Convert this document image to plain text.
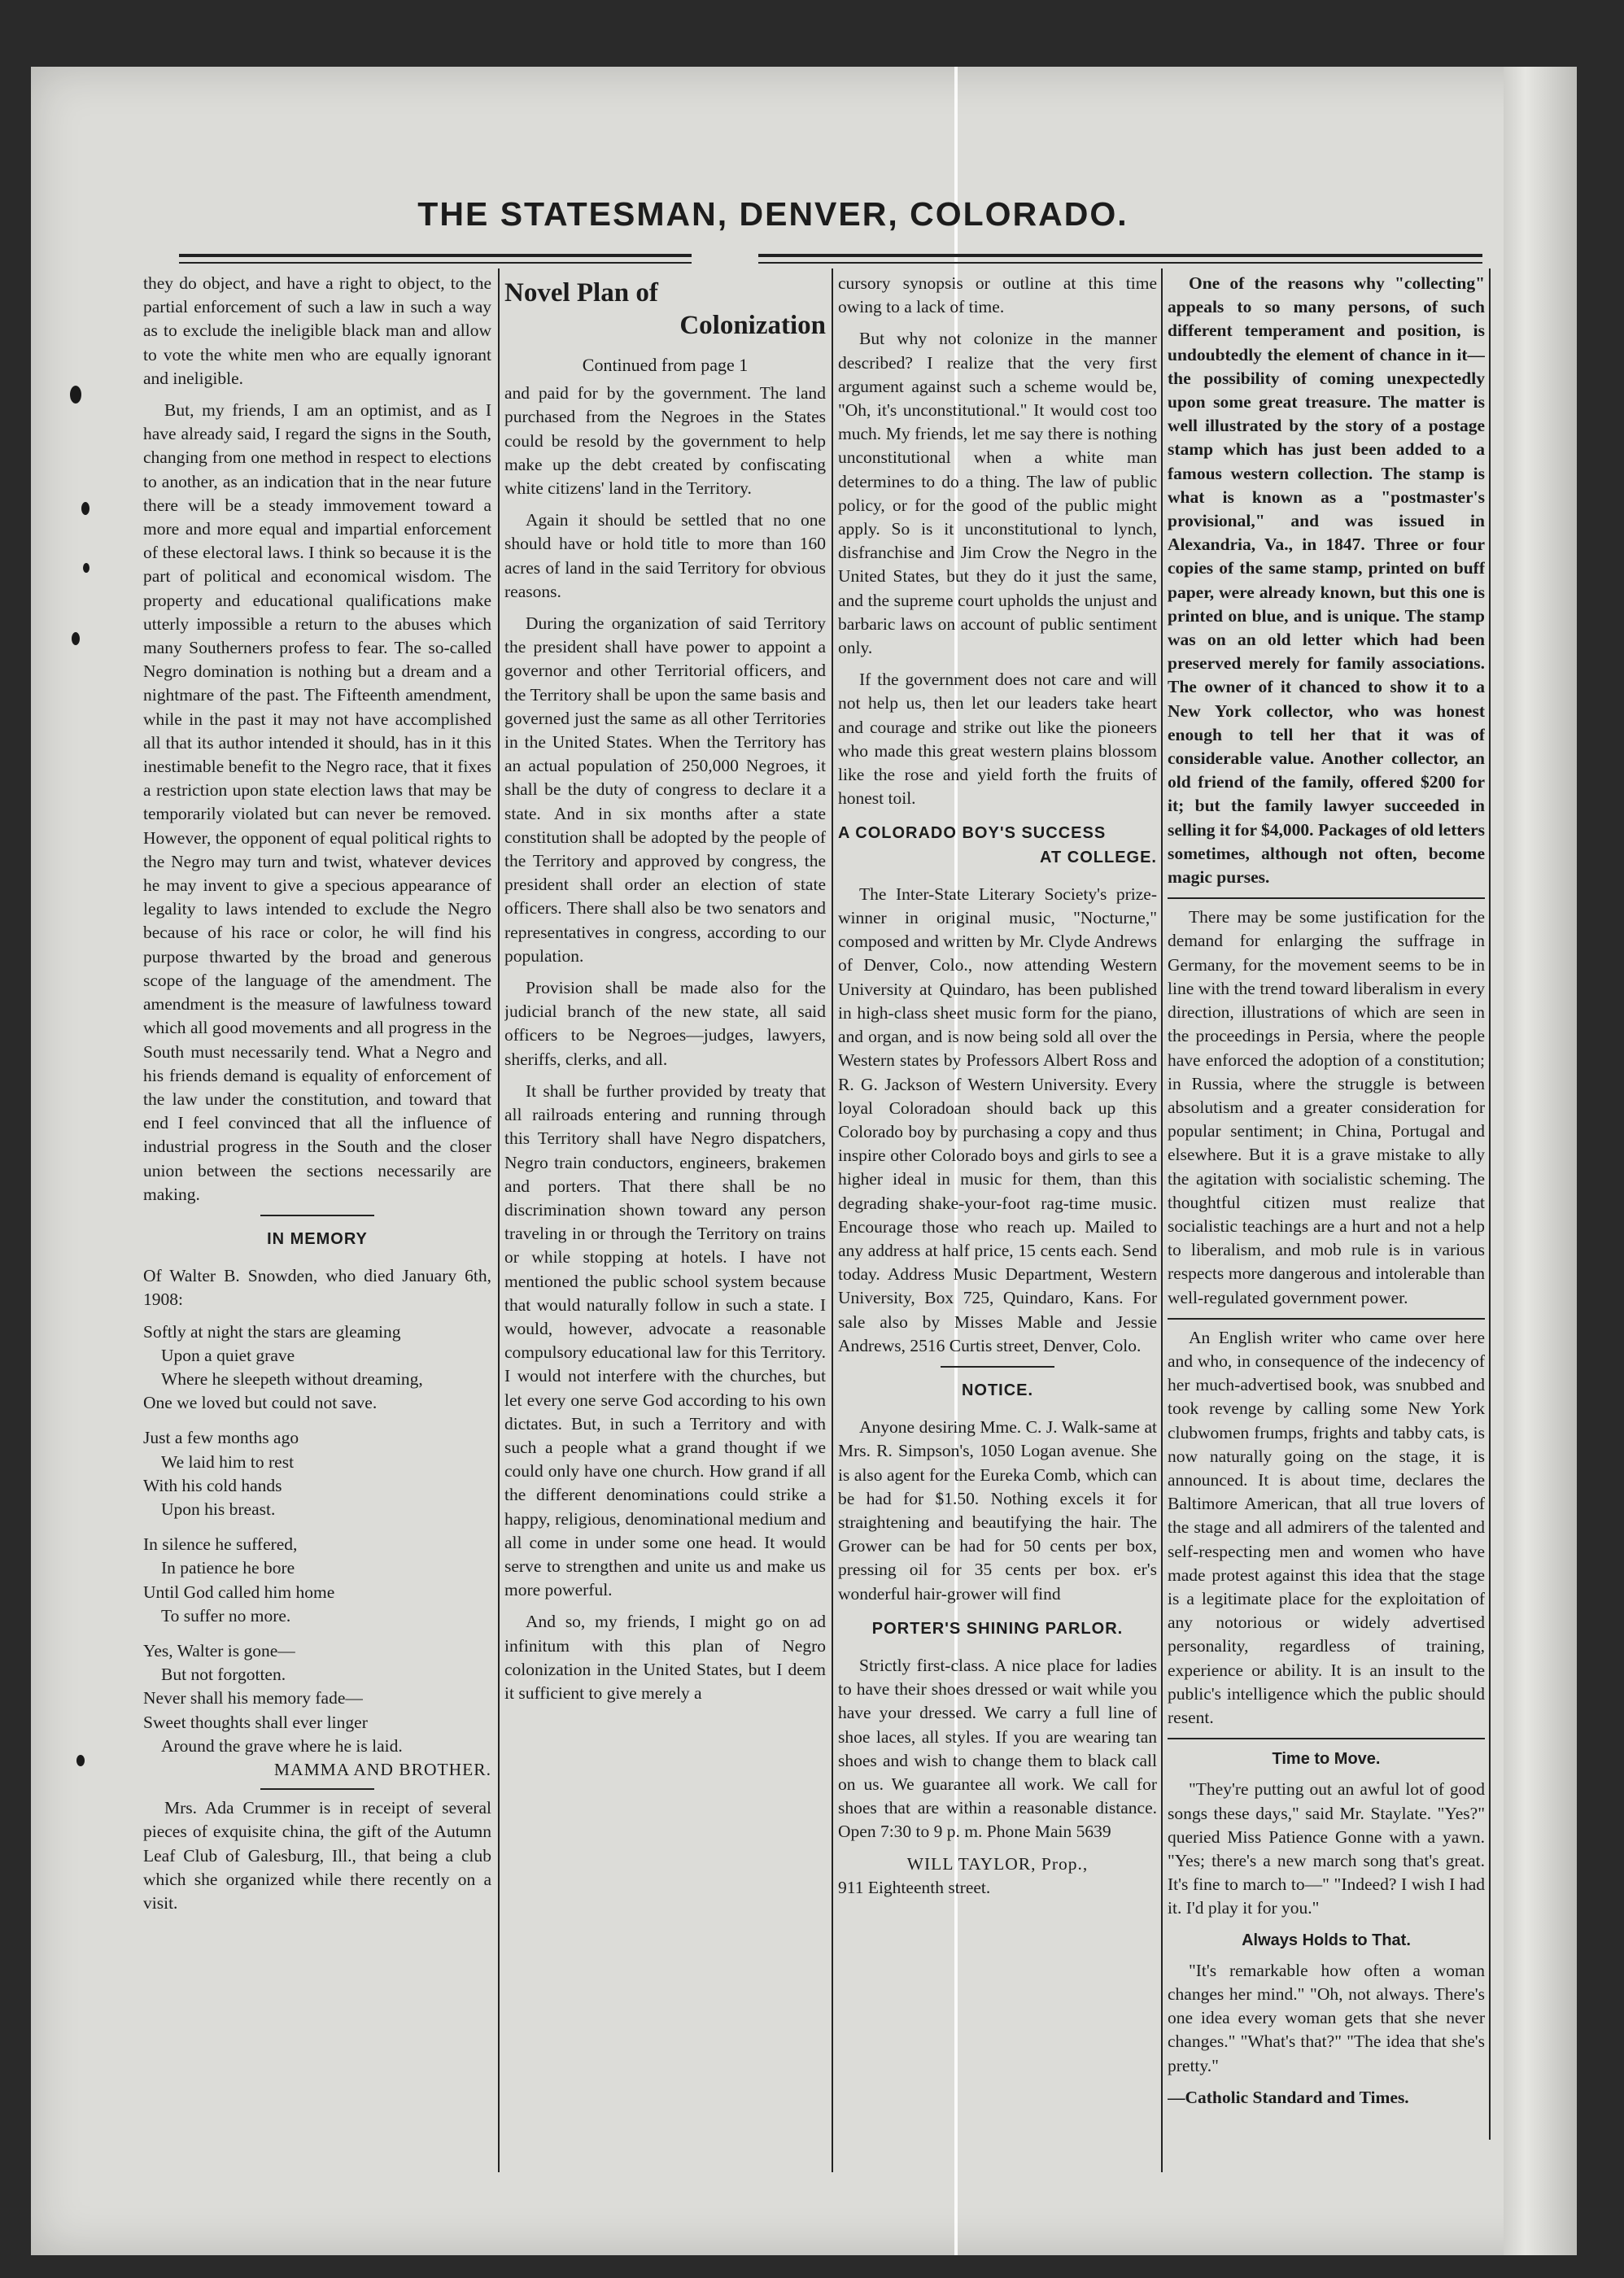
THE STATESMAN, DENVER, COLORADO.

they do object, and have a right to object, to the partial enforcement of such a law in such a way as to exclude the ineligible black man and allow to vote the white men who are equally ignorant and ineligible.

But, my friends, I am an optimist, and as I have already said, I regard the signs in the South, changing from one method in respect to elections to another, as an indication that in the near future there will be a steady immovement toward a more and more equal and impartial enforcement of these electoral laws. I think so because it is the part of political and economical wisdom. The property and educational qualifications make utterly impossible a return to the abuses which many Southerners profess to fear. The so-called Negro domination is nothing but a dream and a nightmare of the past. The Fifteenth amendment, while in the past it may not have accomplished all that its author intended it should, has in it this inestimable benefit to the Negro race, that it fixes a restriction upon state election laws that may be temporarily violated but can never be removed. However, the opponent of equal political rights to the Negro may turn and twist, whatever devices he may invent to give a specious appearance of legality to laws intended to exclude the Negro because of his race or color, he will find his purpose thwarted by the broad and generous scope of the language of the amendment. The amendment is the measure of lawfulness toward which all good movements and all progress in the South must necessarily tend. What a Negro and his friends demand is equality of enforcement of the law under the constitution, and toward that end I feel convinced that all the influence of industrial progress in the South and the closer union between the sections necessarily are making.

IN MEMORY

Of Walter B. Snowden, who died January 6th, 1908:

Softly at night the stars are gleaming
Upon a quiet grave
Where he sleepeth without dreaming,
One we loved but could not save.
Just a few months ago
We laid him to rest
With his cold hands
Upon his breast.
In silence he suffered,
In patience he bore
Until God called him home
To suffer no more.
Yes, Walter is gone—
But not forgotten.
Never shall his memory fade—
Sweet thoughts shall ever linger
Around the grave where he is laid.
MAMMA AND BROTHER.

Mrs. Ada Crummer is in receipt of several pieces of exquisite china, the gift of the Autumn Leaf Club of Galesburg, Ill., that being a club which she organized while there recently on a visit.

Novel Plan of
Colonization
Continued from page 1

and paid for by the government. The land purchased from the Negroes in the States could be resold by the government to help make up the debt created by confiscating white citizens' land in the Territory.

Again it should be settled that no one should have or hold title to more than 160 acres of land in the said Territory for obvious reasons.

During the organization of said Territory the president shall have power to appoint a governor and other Territorial officers, and the Territory shall be upon the same basis and governed just the same as all other Territories in the United States. When the Territory has an actual population of 250,000 Negroes, it shall be the duty of congress to declare it a state. And in six months after a state constitution shall be adopted by the people of the Territory and approved by congress, the president shall order an election of state officers. There shall also be two senators and representatives in congress, according to our population.

Provision shall be made also for the judicial branch of the new state, all said officers to be Negroes—judges, lawyers, sheriffs, clerks, and all.

It shall be further provided by treaty that all railroads entering and running through this Territory shall have Negro dispatchers, Negro train conductors, engineers, brakemen and porters. That there shall be no discrimination shown toward any person traveling in or through the Territory on trains or while stopping at hotels. I have not mentioned the public school system because that would naturally follow in such a state. I would, however, advocate a reasonable compulsory educational law for this Territory. I would not interfere with the churches, but let every one serve God according to his own dictates. But, in such a Territory and with such a people what a grand thought if we could only have one church. How grand if all the different denominations could strike a happy, religious, denominational medium and all come in under some one head. It would serve to strengthen and unite us and make us more powerful.

And so, my friends, I might go on ad infinitum with this plan of Negro colonization in the United States, but I deem it sufficient to give merely a

cursory synopsis or outline at this time owing to a lack of time.

But why not colonize in the manner described? I realize that the very first argument against such a scheme would be, "Oh, it's unconstitutional." It would cost too much. My friends, let me say there is nothing unconstitutional when a white man determines to do a thing. The law of public policy, or for the good of the public might apply. So is it unconstitutional to lynch, disfranchise and Jim Crow the Negro in the United States, but they do it just the same, and the supreme court upholds the unjust and barbaric laws on account of public sentiment only.

If the government does not care and will not help us, then let our leaders take heart and courage and strike out like the pioneers who made this great western plains blossom like the rose and yield forth the fruits of honest toil.

A COLORADO BOY'S SUCCESS
AT COLLEGE.

The Inter-State Literary Society's prize-winner in original music, "Nocturne," composed and written by Mr. Clyde Andrews of Denver, Colo., now attending Western University at Quindaro, has been published in high-class sheet music form for the piano, and organ, and is now being sold all over the Western states by Professors Albert Ross and R. G. Jackson of Western University. Every loyal Coloradoan should back up this Colorado boy by purchasing a copy and thus inspire other Colorado boys and girls to see a higher ideal in music for them, than this degrading shake-your-foot rag-time music. Encourage those who reach up. Mailed to any address at half price, 15 cents each. Send today. Address Music Department, Western University, Box 725, Quindaro, Kans. For sale also by Misses Mable and Jessie Andrews, 2516 Curtis street, Denver, Colo.

NOTICE.

Anyone desiring Mme. C. J. Walk-same at Mrs. R. Simpson's, 1050 Logan avenue. She is also agent for the Eureka Comb, which can be had for $1.50. Nothing excels it for straightening and beautifying the hair. The Grower can be had for 50 cents per box, pressing oil for 35 cents per box. er's wonderful hair-grower will find

PORTER'S SHINING PARLOR.

Strictly first-class. A nice place for ladies to have their shoes dressed or wait while you have your dressed. We carry a full line of shoe laces, all styles. If you are wearing tan shoes and wish to change them to black call on us. We guarantee all work. We call for shoes that are within a reasonable distance. Open 7:30 to 9 p. m. Phone Main 5639

WILL TAYLOR, Prop.,
911 Eighteenth street.

One of the reasons why "collecting" appeals to so many persons, of such different temperament and position, is undoubtedly the element of chance in it—the possibility of coming unexpectedly upon some great treasure. The matter is well illustrated by the story of a postage stamp which has just been added to a famous western collection. The stamp is what is known as a "postmaster's provisional," and was issued in Alexandria, Va., in 1847. Three or four copies of the same stamp, printed on buff paper, were already known, but this one is printed on blue, and is unique. The stamp was on an old letter which had been preserved merely for family associations. The owner of it chanced to show it to a New York collector, who was honest enough to tell her that it was of considerable value. Another collector, an old friend of the family, offered $200 for it; but the family lawyer succeeded in selling it for $4,000. Packages of old letters sometimes, although not often, become magic purses.

There may be some justification for the demand for enlarging the suffrage in Germany, for the movement seems to be in line with the trend toward liberalism in every direction, illustrations of which are seen in the proceedings in Persia, where the people have enforced the adoption of a constitution; in Russia, where the struggle is between absolutism and a greater consideration for popular sentiment; in China, Portugal and elsewhere. But it is a grave mistake to ally the agitation with socialistic scheming. The thoughtful citizen must realize that socialistic teachings are a hurt and not a help to liberalism, and mob rule is in various respects more dangerous and intolerable than well-regulated government power.

An English writer who came over here and who, in consequence of the indecency of her much-advertised book, was snubbed and took revenge by calling some New York clubwomen frumps, frights and tabby cats, is now naturally going on the stage, it is announced. It is about time, declares the Baltimore American, that all true lovers of the stage and all admirers of the talented and self-respecting men and women who have made protest against this idea that the stage is a legitimate place for the exploitation of any notorious or widely advertised personality, regardless of training, experience or ability. It is an insult to the public's intelligence which the public should resent.

Time to Move.

"They're putting out an awful lot of good songs these days," said Mr. Staylate. "Yes?" queried Miss Patience Gonne with a yawn. "Yes; there's a new march song that's great. It's fine to march to—" "Indeed? I wish I had it. I'd play it for you."

Always Holds to That.

"It's remarkable how often a woman changes her mind." "Oh, not always. There's one idea every woman gets that she never changes." "What's that?" "The idea that she's pretty."

—Catholic Standard and Times.
